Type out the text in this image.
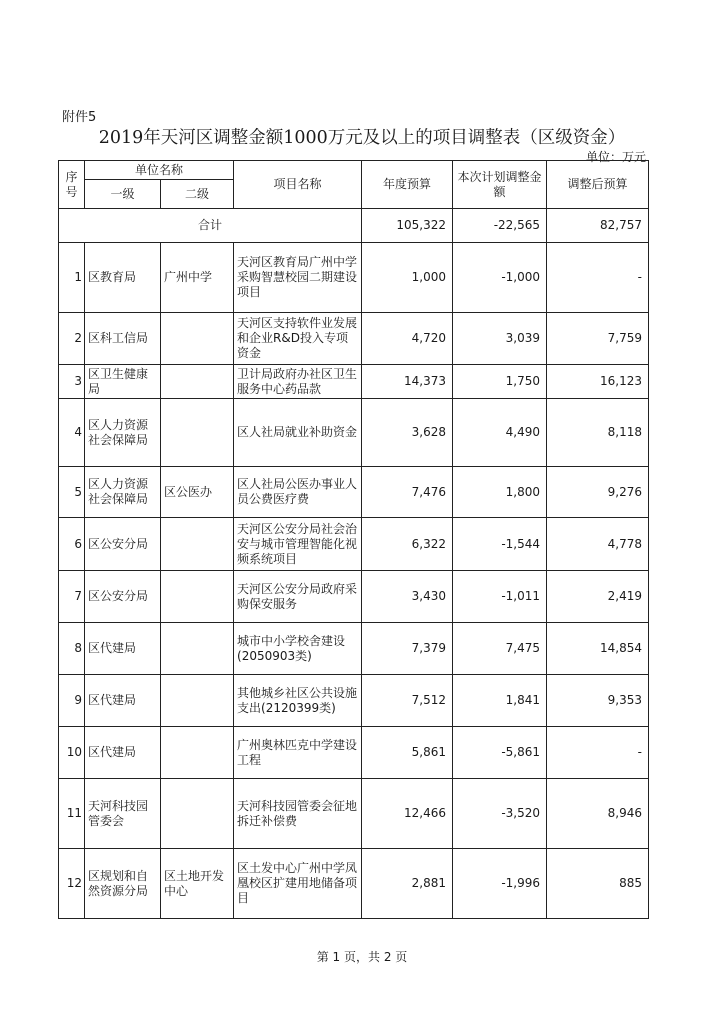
附件5
2019年天河区调整金额1000万元及以上的项目调整表（区级资金）
单位：万元
序号	单位名称		项目名称	年度预算	本次计划调整金额	调整后预算
	一级	二级				
合计				105,322	-22,565	82,757
1	区教育局	广州中学	天河区教育局广州中学采购智慧校园二期建设项目	1,000	-1,000	-
2	区科工信局		天河区支持软件业发展和企业R&D投入专项资金	4,720	3,039	7,759
3	区卫生健康局		卫计局政府办社区卫生服务中心药品款	14,373	1,750	16,123
4	区人力资源社会保障局		区人社局就业补助资金	3,628	4,490	8,118
5	区人力资源社会保障局	区公医办	区人社局公医办事业人员公费医疗费	7,476	1,800	9,276
6	区公安分局		天河区公安分局社会治安与城市管理智能化视频系统项目	6,322	-1,544	4,778
7	区公安分局		天河区公安分局政府采购保安服务	3,430	-1,011	2,419
8	区代建局		城市中小学校舍建设(2050903类)	7,379	7,475	14,854
9	区代建局		其他城乡社区公共设施支出(2120399类)	7,512	1,841	9,353
10	区代建局		广州奥林匹克中学建设工程	5,861	-5,861	-
11	天河科技园管委会		天河科技园管委会征地拆迁补偿费	12,466	-3,520	8,946
12	区规划和自然资源分局	区土地开发中心	区土发中心广州中学凤凰校区扩建用地储备项目	2,881	-1,996	885
第 1 页，共 2 页
